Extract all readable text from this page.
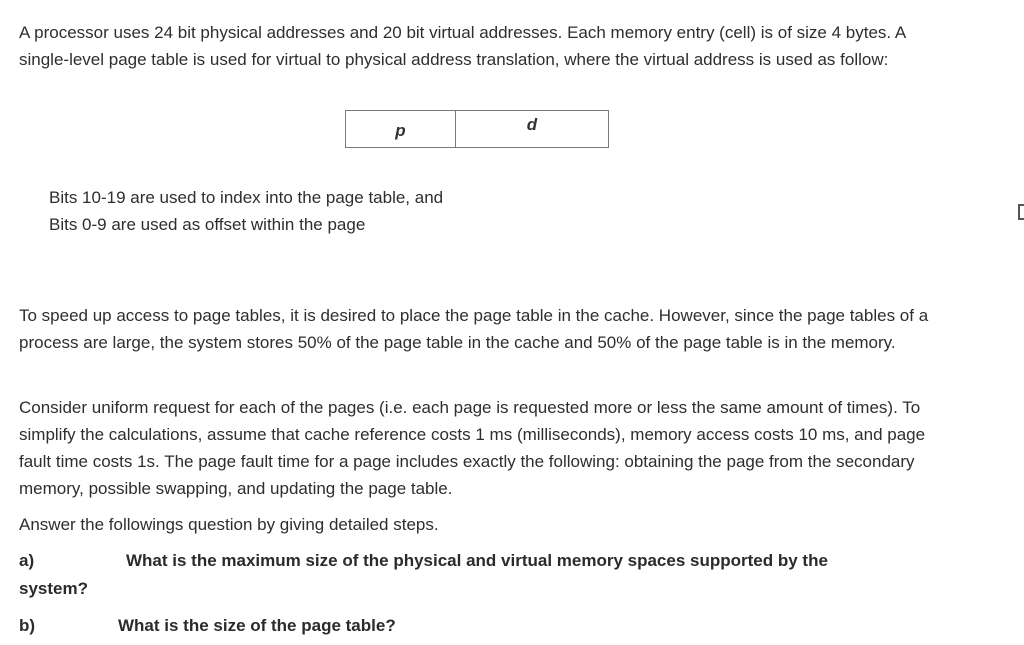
A processor uses 24 bit physical addresses and 20 bit virtual addresses. Each memory entry (cell) is of size 4 bytes. A single-level page table is used for virtual to physical address translation, where the virtual address is used as follow:

p	d
Bits 10-19 are used to index into the page table, and
Bits 0-9 are used as offset within the page

To speed up access to page tables, it is desired to place the page table in the cache. However, since the page tables of a process are large, the system stores 50% of the page table in the cache and 50% of the page table is in the memory.

Consider uniform request for each of the pages (i.e. each page is requested more or less the same amount of times). To simplify the calculations, assume that cache reference costs 1 ms (milliseconds), memory access costs 10 ms, and page fault time costs 1s. The page fault time for a page includes exactly the following: obtaining the page from the secondary memory, possible swapping, and updating the page table.

Answer the followings question by giving detailed steps.

a)	What is the maximum size of the physical and virtual memory spaces supported by the
system?
b)	What is the size of the page table?
